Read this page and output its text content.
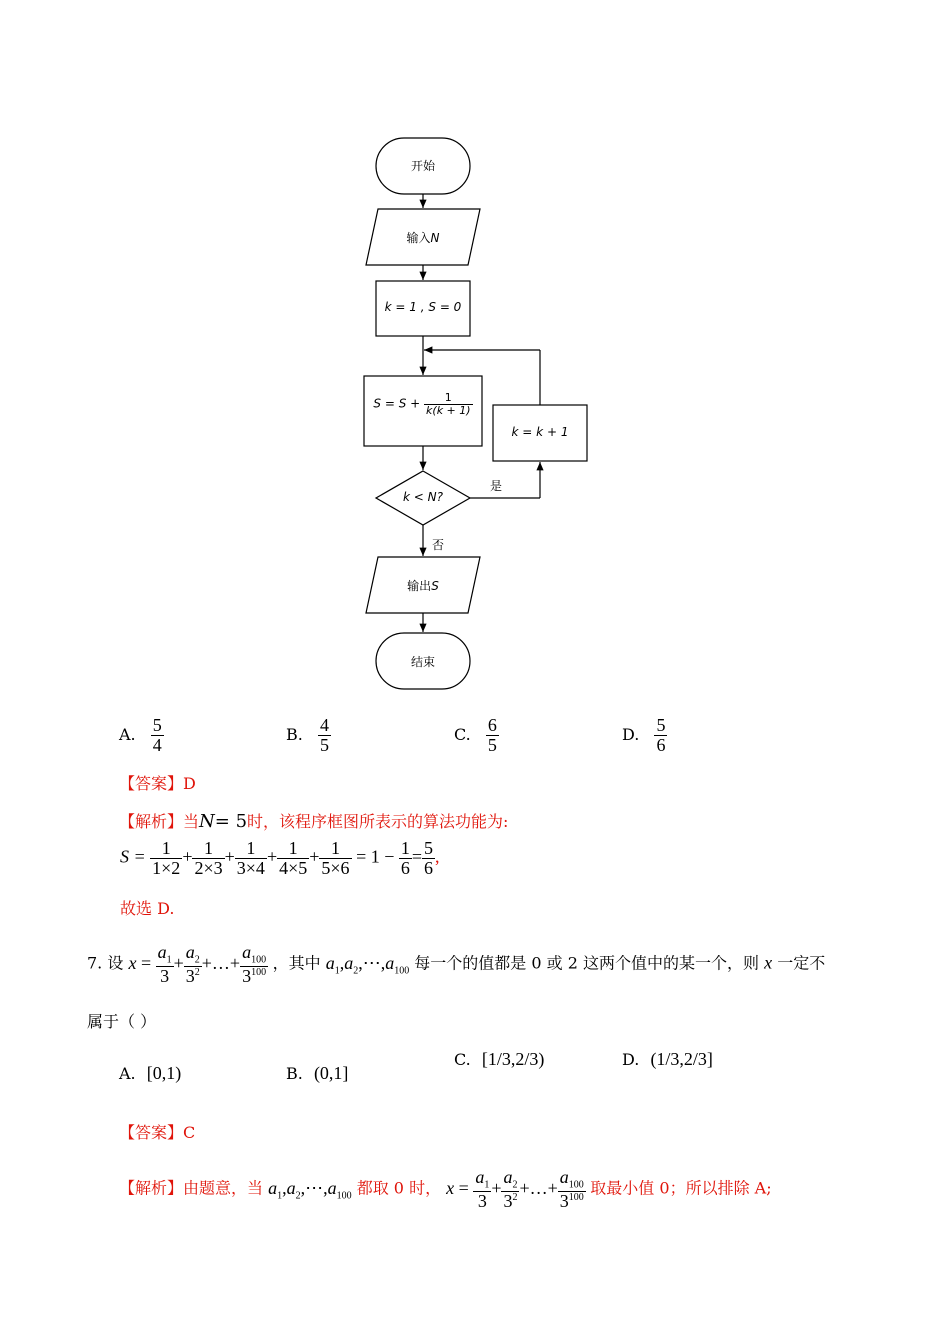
开始
输入N
k = 1 , S = 0
$S = S + \frac{1}{k(k + 1)}$
k = k + 1
k < N?
是
否
输出S
结束
A. $\frac{5}{4}$	B. $\frac{4}{5}$	C. $\frac{6}{5}$	D. $\frac{5}{6}$
【答案】D
【解析】当N= 5时，该程序框图所表示的算法功能为:
$S = \frac{1}{1\times 2} + \frac{1}{2\times 3} + \frac{1}{3\times 4} + \frac{1}{4\times 5} + \frac{1}{5\times 6} = 1 - \frac{1}{6} = \frac{5}{6}$ ,
故选 D.
7. 设 $x = \frac{a_1}{3} + \frac{a_2}{3^2}$ +…+ $\frac{a_{100}}{3^{100}}$ ，其中 $a_1,a_2,\cdots,a_{100}$ 每一个的值都是 0 或 2 这两个值中的某一个，则 x 一定不
属于（ ）
A. [0,1)	B. (0,1]
C. [1/3,2/3)	D. (1/3,2/3]
【答案】C
【解析】由题意，当 $a_1,a_2,\cdots,a_{100}$ 都取 0 时， $x = \frac{a_1}{3} + \frac{a_2}{3^2}$ +…+ $\frac{a_{100}}{3^{100}}$ 取最小值 0；所以排除 A;
